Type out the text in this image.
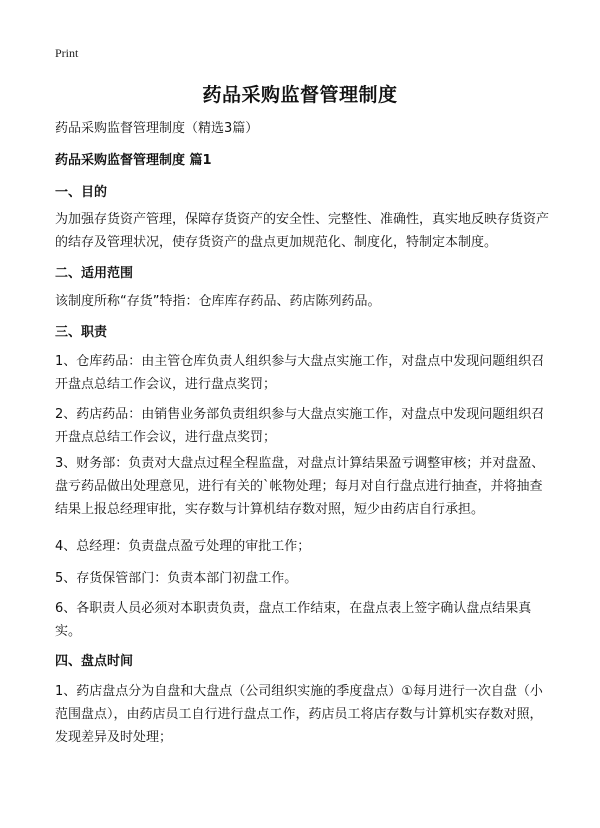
Print
药品采购监督管理制度
药品采购监督管理制度（精选3篇）
药品采购监督管理制度 篇1
一、目的
为加强存货资产管理，保障存货资产的安全性、完整性、准确性，真实地反映存货资产的结存及管理状况，使存货资产的盘点更加规范化、制度化，特制定本制度。
二、适用范围
该制度所称“存货”特指：仓库库存药品、药店陈列药品。
三、职责
1、仓库药品：由主管仓库负责人组织参与大盘点实施工作，对盘点中发现问题组织召开盘点总结工作会议，进行盘点奖罚；
2、药店药品：由销售业务部负责组织参与大盘点实施工作，对盘点中发现问题组织召开盘点总结工作会议，进行盘点奖罚；
3、财务部：负责对大盘点过程全程监盘，对盘点计算结果盈亏调整审核；并对盘盈、盘亏药品做出处理意见，进行有关的`帐物处理；每月对自行盘点进行抽查，并将抽查结果上报总经理审批，实存数与计算机结存数对照，短少由药店自行承担。
4、总经理：负责盘点盈亏处理的审批工作；
5、存货保管部门：负责本部门初盘工作。
6、各职责人员必须对本职责负责，盘点工作结束，在盘点表上签字确认盘点结果真实。
四、盘点时间
1、药店盘点分为自盘和大盘点（公司组织实施的季度盘点）①每月进行一次自盘（小范围盘点），由药店员工自行进行盘点工作，药店员工将店存数与计算机实存数对照，发现差异及时处理；
